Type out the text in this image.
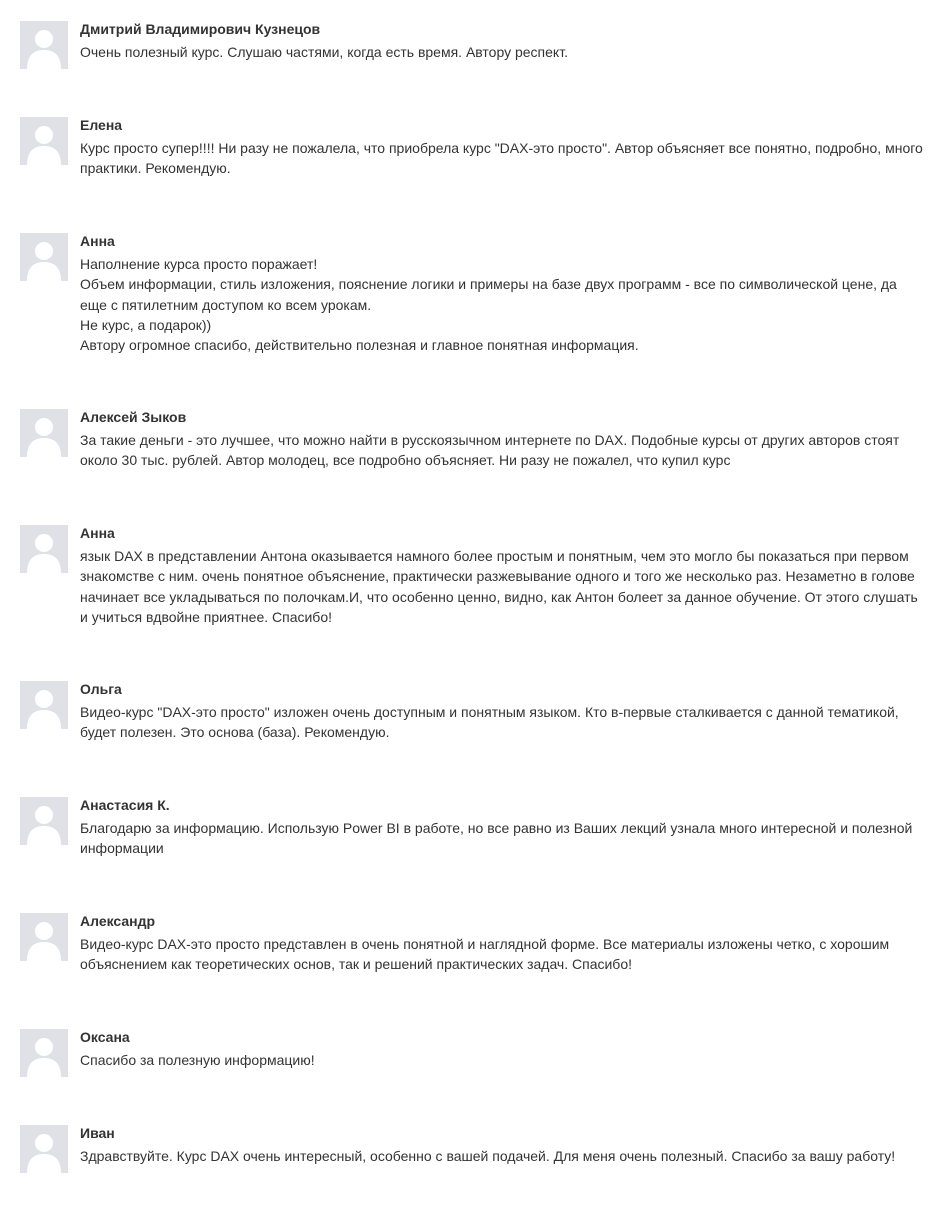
Дмитрий Владимирович Кузнецов
Очень полезный курс. Слушаю частями, когда есть время. Автору респект.
Елена
Курс просто супер!!!! Ни разу не пожалела, что приобрела курс "DAX-это просто". Автор объясняет все понятно, подробно, много
практики. Рекомендую.
Анна
Наполнение курса просто поражает!
Объем информации, стиль изложения, пояснение логики и примеры на базе двух программ - все по символической цене, да
еще с пятилетним доступом ко всем урокам.
Не курс, а подарок))
Автору огромное спасибо, действительно полезная и главное понятная информация.
Алексей Зыков
За такие деньги - это лучшее, что можно найти в русскоязычном интернете по DAX. Подобные курсы от других авторов стоят
около 30 тыс. рублей. Автор молодец, все подробно объясняет. Ни разу не пожалел, что купил курс
Анна
язык DAX в представлении Антона оказывается намного более простым и понятным, чем это могло бы показаться при первом
знакомстве с ним. очень понятное объяснение, практически разжевывание одного и того же несколько раз. Незаметно в голове
начинает все укладываться по полочкам.И, что особенно ценно, видно, как Антон болеет за данное обучение. От этого слушать
и учиться вдвойне приятнее. Спасибо!
Ольга
Видео-курс "DAX-это просто" изложен очень доступным и понятным языком. Кто в-первые сталкивается с данной тематикой,
будет полезен. Это основа (база). Рекомендую.
Анастасия К.
Благодарю за информацию. Использую Power BI в работе, но все равно из Ваших лекций узнала много интересной и полезной
информации
Александр
Видео-курс DAX-это просто представлен в очень понятной и наглядной форме. Все материалы изложены четко, с хорошим
объяснением как теоретических основ, так и решений практических задач. Спасибо!
Оксана
Спасибо за полезную информацию!
Иван
Здравствуйте. Курс DAX очень интересный, особенно с вашей подачей. Для меня очень полезный. Спасибо за вашу работу!
